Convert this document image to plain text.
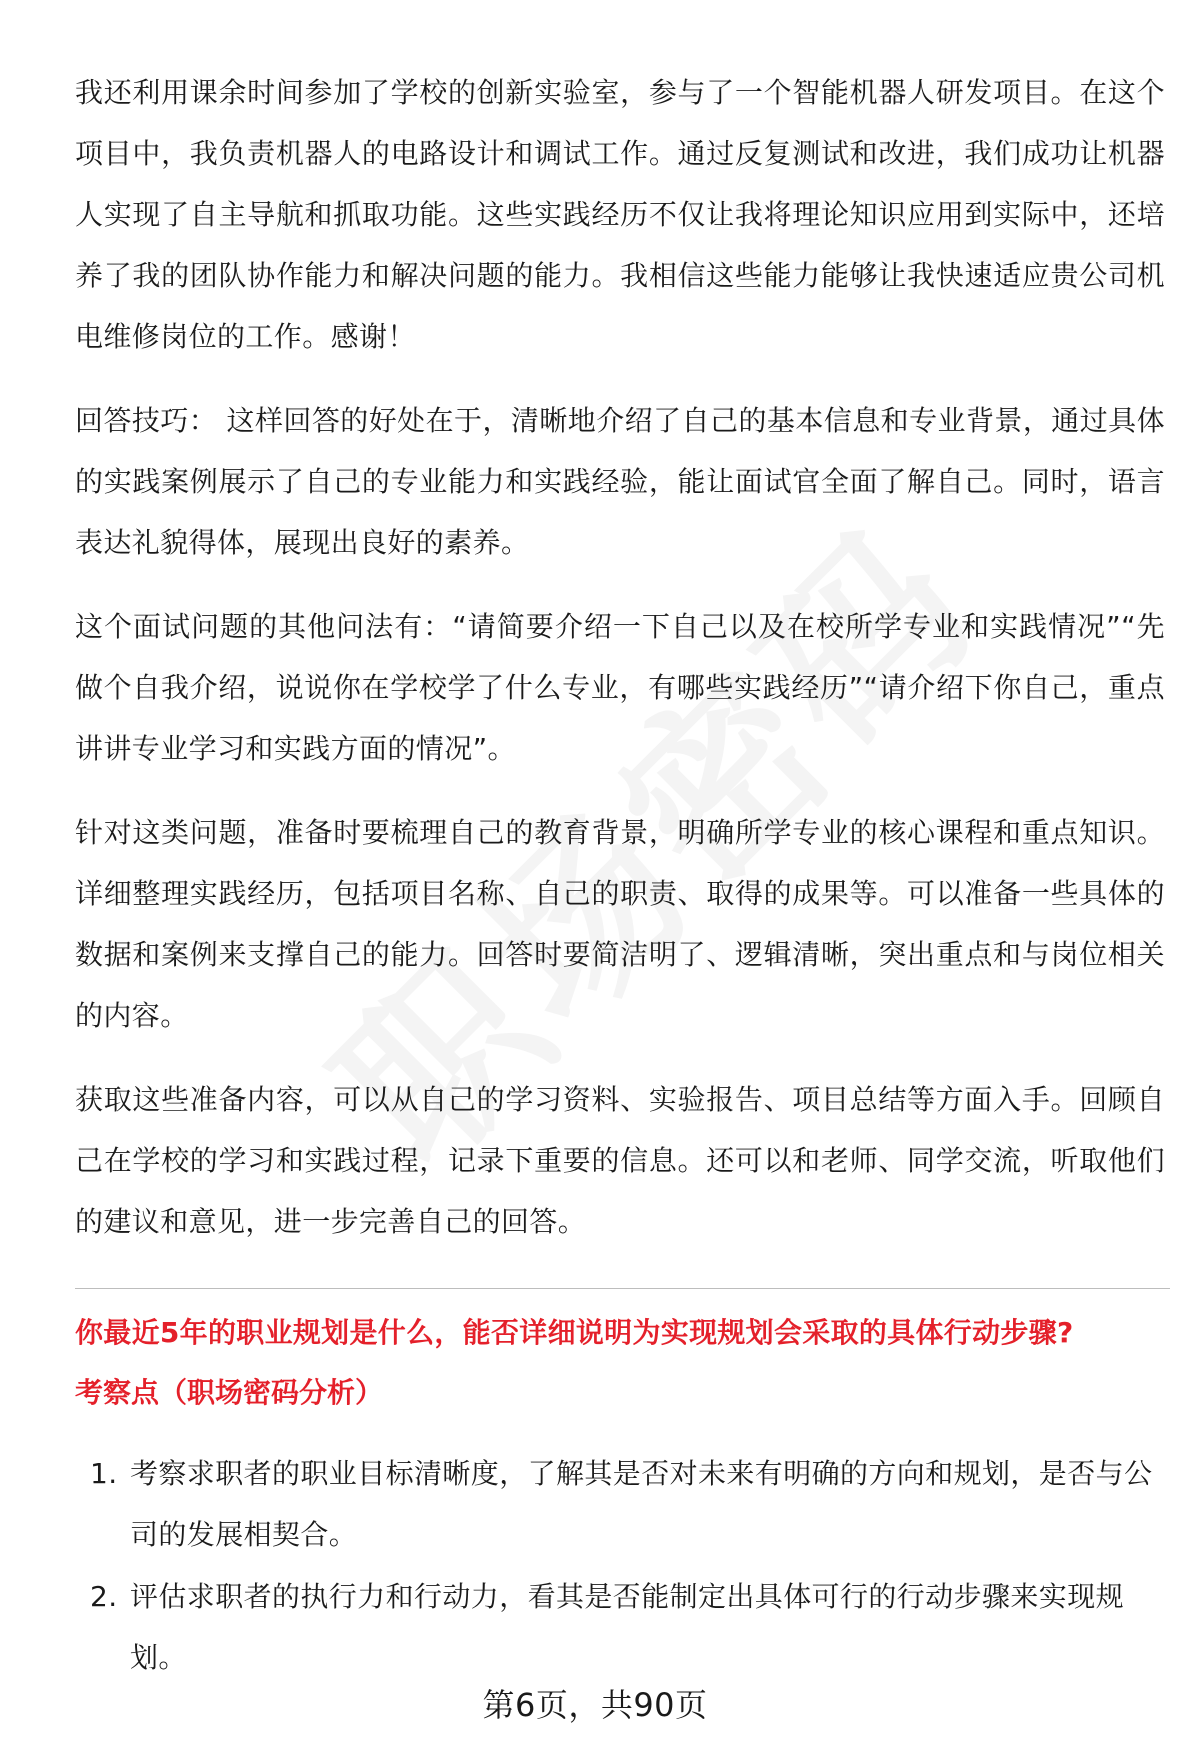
我还利用课余时间参加了学校的创新实验室，参与了一个智能机器人研发项目。在这个项目中，我负责机器人的电路设计和调试工作。通过反复测试和改进，我们成功让机器人实现了自主导航和抓取功能。这些实践经历不仅让我将理论知识应用到实际中，还培养了我的团队协作能力和解决问题的能力。我相信这些能力能够让我快速适应贵公司机电维修岗位的工作。感谢！

回答技巧： 这样回答的好处在于，清晰地介绍了自己的基本信息和专业背景，通过具体的实践案例展示了自己的专业能力和实践经验，能让面试官全面了解自己。同时，语言表达礼貌得体，展现出良好的素养。

这个面试问题的其他问法有：“请简要介绍一下自己以及在校所学专业和实践情况”“先做个自我介绍，说说你在学校学了什么专业，有哪些实践经历”“请介绍下你自己，重点讲讲专业学习和实践方面的情况”。

针对这类问题，准备时要梳理自己的教育背景，明确所学专业的核心课程和重点知识。详细整理实践经历，包括项目名称、自己的职责、取得的成果等。可以准备一些具体的数据和案例来支撑自己的能力。回答时要简洁明了、逻辑清晰，突出重点和与岗位相关的内容。

获取这些准备内容，可以从自己的学习资料、实验报告、项目总结等方面入手。回顾自己在学校的学习和实践过程，记录下重要的信息。还可以和老师、同学交流，听取他们的建议和意见，进一步完善自己的回答。

你最近5年的职业规划是什么，能否详细说明为实现规划会采取的具体行动步骤?

考察点（职场密码分析）

1. 考察求职者的职业目标清晰度，了解其是否对未来有明确的方向和规划，是否与公司的发展相契合。
2. 评估求职者的执行力和行动力，看其是否能制定出具体可行的行动步骤来实现规划。
第6页，共90页
